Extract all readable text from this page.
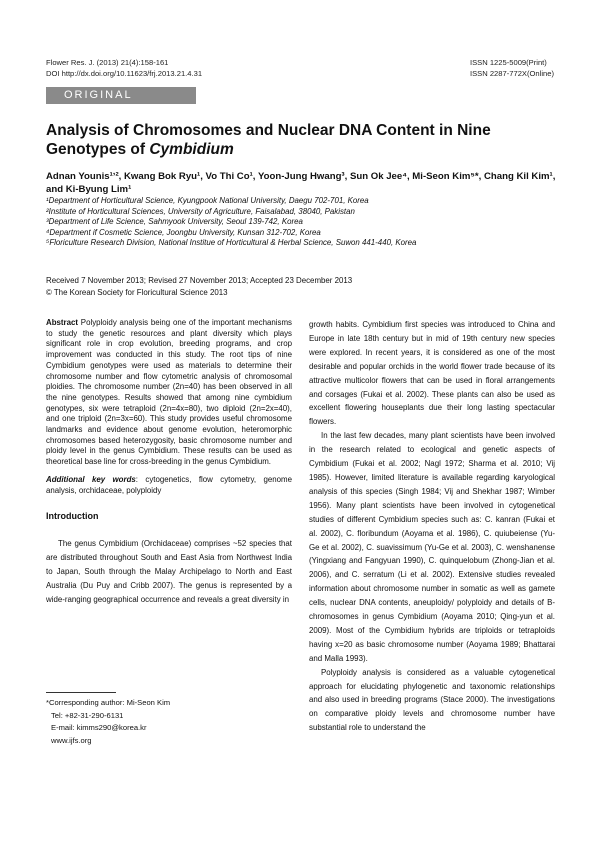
Flower Res. J. (2013) 21(4):158-161
DOI http://dx.doi.org/10.11623/frj.2013.21.4.31
ISSN 1225-5009(Print)
ISSN 2287-772X(Online)
ORIGINAL ARTICLE
Analysis of Chromosomes and Nuclear DNA Content in Nine Genotypes of Cymbidium
Adnan Younis¹ʼ², Kwang Bok Ryu¹, Vo Thi Co¹, Yoon-Jung Hwang³, Sun Ok Jee⁴, Mi-Seon Kim⁵*, Chang Kil Kim¹, and Ki-Byung Lim¹
¹Department of Horticultural Science, Kyungpook National University, Daegu 702-701, Korea
²Institute of Horticultural Sciences, University of Agriculture, Faisalabad, 38040, Pakistan
³Department of Life Science, Sahmyook University, Seoul 139-742, Korea
⁴Department if Cosmetic Science, Joongbu University, Kunsan 312-702, Korea
⁵Floriculture Research Division, National Institue of Horticultural & Herbal Science, Suwon 441-440, Korea
Received 7 November 2013; Revised 27 November 2013; Accepted 23 December 2013
© The Korean Society for Floricultural Science 2013
Abstract Polyploidy analysis being one of the important mechanisms to study the genetic resources and plant diversity which plays significant role in crop evolution, breeding programs, and crop improvement was conducted in this study. The root tips of nine Cymbidium genotypes were used as materials to determine their chromosome number and flow cytometric analysis of chromosomal ploidies. The chromosome number (2n=40) has been observed in all the nine genotypes. Results showed that among nine cymbidium genotypes, six were tetraploid (2n=4x=80), two diploid (2n=2x=40), and one triploid (2n=3x=60). This study provides useful chromosome landmarks and evidence about genome evolution, heteromorphic chromosomes based heterozygosity, basic chromosome number and ploidy level in the genus Cymbidium. These results can be used as theoretical base line for cross-breeding in the genus Cymbidium.
Additional key words: cytogenetics, flow cytometry, genome analysis, orchidaceae, polyploidy
Introduction
The genus Cymbidium (Orchidaceae) comprises ~52 species that are distributed throughout South and East Asia from Northwest India to Japan, South through the Malay Archipelago to North and East Australia (Du Puy and Cribb 2007). The genus is represented by a wide-ranging geographical occurrence and reveals a great diversity in
*Corresponding author: Mi-Seon Kim
Tel: +82-31-290-6131
E-mail: kimms290@korea.kr
www.ijfs.org

growth habits. Cymbidium first species was introduced to China and Europe in late 18th century but in mid of 19th century new species were explored. In recent years, it is considered as one of the most desirable and popular orchids in the world flower trade because of its attractive multicolor flowers that can be used in floral arrangements and corsages (Fukai et al. 2002). These plants can also be used as excellent flowering houseplants due their long lasting spectacular flowers.

In the last few decades, many plant scientists have been involved in the research related to ecological and genetic aspects of Cymbidium (Fukai et al. 2002; Nagl 1972; Sharma et al. 2010; Vij 1985). However, limited literature is available regarding karyological analysis of this species (Singh 1984; Vij and Shekhar 1987; Wimber 1956). Many plant scientists have been involved in cytogenetical studies of different Cymbidium species such as: C. kanran (Fukai et al. 2002), C. floribundum (Aoyama et al. 1986), C. quiubeiense (Yu-Ge et al. 2002), C. suavissimum (Yu-Ge et al. 2003), C. wenshanense (Yingxiang and Fangyuan 1990), C. quinquelobum (Zhong-Jian et al. 2006), and C. serratum (Li et al. 2002). Extensive studies revealed information about chromosome number in somatic as well as gamete cells, nuclear DNA contents, aneuploidy/ polyploidy and details of B-chromosomes in genus Cymbidium (Aoyama 2010; Qing-yun et al. 2009). Most of the Cymbidium hybrids are triploids or tetraploids having x=20 as basic chromosome number (Aoyama 1989; Bhattarai and Malla 1993).

Polyploidy analysis is considered as a valuable cytogenetical approach for elucidating phylogenetic and taxonomic relationships and also used in breeding programs (Stace 2000). The investigations on comparative ploidy levels and chromosome number have substantial role to understand the
